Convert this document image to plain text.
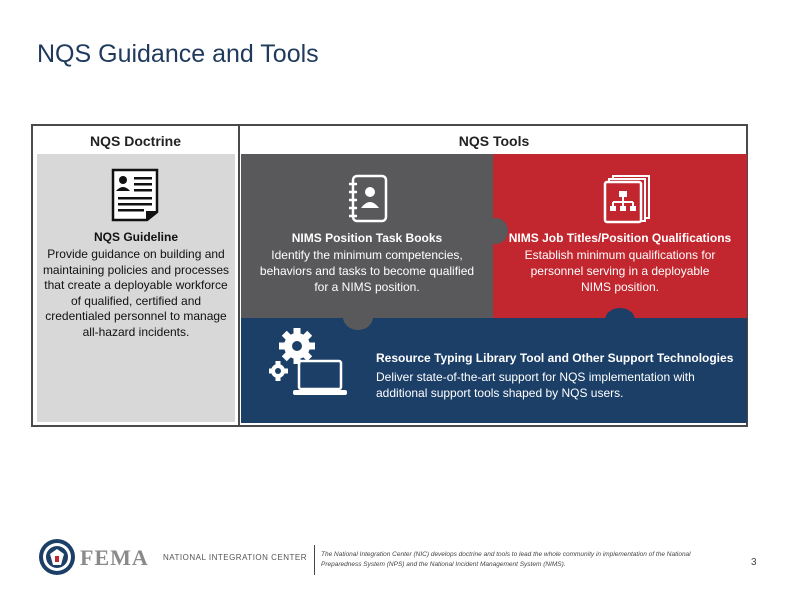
NQS Guidance and Tools
NQS Doctrine	NQS Tools
NQS Guideline
Provide guidance on building and maintaining policies and processes that create a deployable workforce of qualified, certified and credentialed personnel to manage all-hazard incidents.
NIMS Position Task Books
Identify the minimum competencies, behaviors and tasks to become qualified for a NIMS position.
NIMS Job Titles/Position Qualifications
Establish minimum qualifications for personnel serving in a deployable NIMS position.
Resource Typing Library Tool and Other Support Technologies
Deliver state-of-the-art support for NQS implementation with additional support tools shaped by NQS users.
FEMA NATIONAL INTEGRATION CENTER The National Integration Center (NIC) develops doctrine and tools to lead the whole community in implementation of the National Preparedness System (NPS) and the National Incident Management System (NIMS).	3
